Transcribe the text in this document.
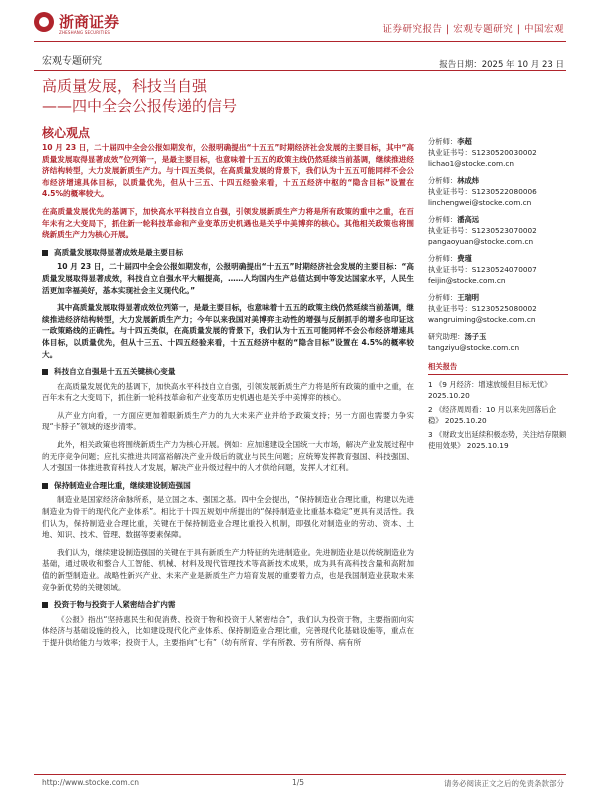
浙商证券
ZHESHANG SECURITIES	证券研究报告 | 宏观专题研究 | 中国宏观
宏观专题研究	报告日期：2025 年 10 月 23 日
高质量发展，科技当自强
——四中全会公报传递的信号
核心观点

10 月 23 日，二十届四中全会公报如期发布，公报明确提出“十五五”时期经济社会发展的主要目标，其中“高质量发展取得显著成效”位列第一，是最主要目标，也意味着十五五的政策主线仍然延续当前基调，继续推进经济结构转型，大力发展新质生产力。与十四五类似，在高质量发展的背景下，我们认为十五五可能同样不会公布经济增速具体目标，以质量优先，但从十三五、十四五经验来看，十五五经济中枢的“隐含目标”设置在 4.5%的概率较大。

在高质量发展优先的基调下，加快高水平科技自立自强，引领发展新质生产力将是所有政策的重中之重，在百年未有之大变局下，抓住新一轮科技革命和产业变革历史机遇也是关乎中美博弈的核心。其他相关政策也将围绕新质生产力为核心开展。

高质量发展取得显著成效是最主要目标

10 月 23 日，二十届四中全会公报如期发布，公报明确提出“十五五”时期经济社会发展的主要目标：“高质量发展取得显著成效，科技自立自强水平大幅提高，……人均国内生产总值达到中等发达国家水平，人民生活更加幸福美好，基本实现社会主义现代化。”

其中高质量发展取得显著成效位列第一，是最主要目标，也意味着十五五的政策主线仍然延续当前基调，继续推进经济结构转型，大力发展新质生产力；今年以来我国对美博弈主动性的增强与反制抓手的增多也印证这一政策路线的正确性。与十四五类似，在高质量发展的背景下，我们认为十五五可能同样不会公布经济增速具体目标，以质量优先，但从十三五、十四五经验来看，十五五经济中枢的“隐含目标”设置在 4.5%的概率较大。

科技自立自强是十五五关键核心变量

在高质量发展优先的基调下，加快高水平科技自立自强，引领发展新质生产力将是所有政策的重中之重，在百年未有之大变局下，抓住新一轮科技革命和产业变革历史机遇也是关乎中美博弈的核心。

从产业方向看，一方面应更加着眼新质生产力的九大未来产业并给予政策支持；另一方面也需要力争实现“卡脖子”领域的逐步清零。

此外，相关政策也将围绕新质生产力为核心开展。例如：应加速建设全国统一大市场，解决产业发展过程中的无序竞争问题；应扎实推进共同富裕解决产业升级后的就业与民生问题；应统筹发挥教育强国、科技强国、人才强国一体推进教育科技人才发展，解决产业升级过程中的人才供给问题，发挥人才红利。

保持制造业合理比重，继续建设制造强国

制造业是国家经济命脉所系，是立国之本、强国之基。四中全会提出，“保持制造业合理比重，构建以先进制造业为骨干的现代化产业体系”。相比于十四五规划中所提出的“保持制造业比重基本稳定”更具有灵活性。我们认为，保持制造业合理比重，关键在于保持制造业合理比重投入机制，即强化对制造业的劳动、资本、土地、知识、技术、管理、数据等要素保障。

我们认为，继续建设制造强国的关键在于具有新质生产力特征的先进制造业。先进制造业是以传统制造业为基础，通过吸收和整合人工智能、机械、材料及现代管理技术等高新技术成果，成为具有高科技含量和高附加值的新型制造业。战略性新兴产业、未来产业是新质生产力培育发展的重要着力点，也是我国制造业获取未来竞争新优势的关键领域。

投资于物与投资于人紧密结合扩内需

《公报》指出“坚持惠民生和促消费、投资于物和投资于人紧密结合”，我们认为投资于物，主要指面向实体经济与基础设施的投入，比如建设现代化产业体系、保持制造业合理比重，完善现代化基础设施等，重点在于提升供给能力与效率；投资于人，主要指向“七有”（幼有所育、学有所教、劳有所得、病有所

分析师：李超
执业证书号：S1230520030002
lichao1@stocke.com.cn
分析师：林成炜
执业证书号：S1230522080006
linchengwei@stocke.com.cn
分析师：潘高远
执业证书号：S1230523070002
pangaoyuan@stocke.com.cn
分析师：费瑾
执业证书号：S1230524070007
feijin@stocke.com.cn
分析师：王瑞明
执业证书号：S1230525080002
wangruiming@stocke.com.cn
研究助理：汤子玉
tangziyu@stocke.com.cn
相关报告
1 《9 月经济：增速放缓但目标无忧》 2025.10.20
2 《经济周周看：10 月以来先回落后企稳》 2025.10.20
3 《财政支出延续积极态势，关注结存限额使用效果》 2025.10.19
http://www.stocke.com.cn	1/5	请务必阅读正文之后的免责条款部分
